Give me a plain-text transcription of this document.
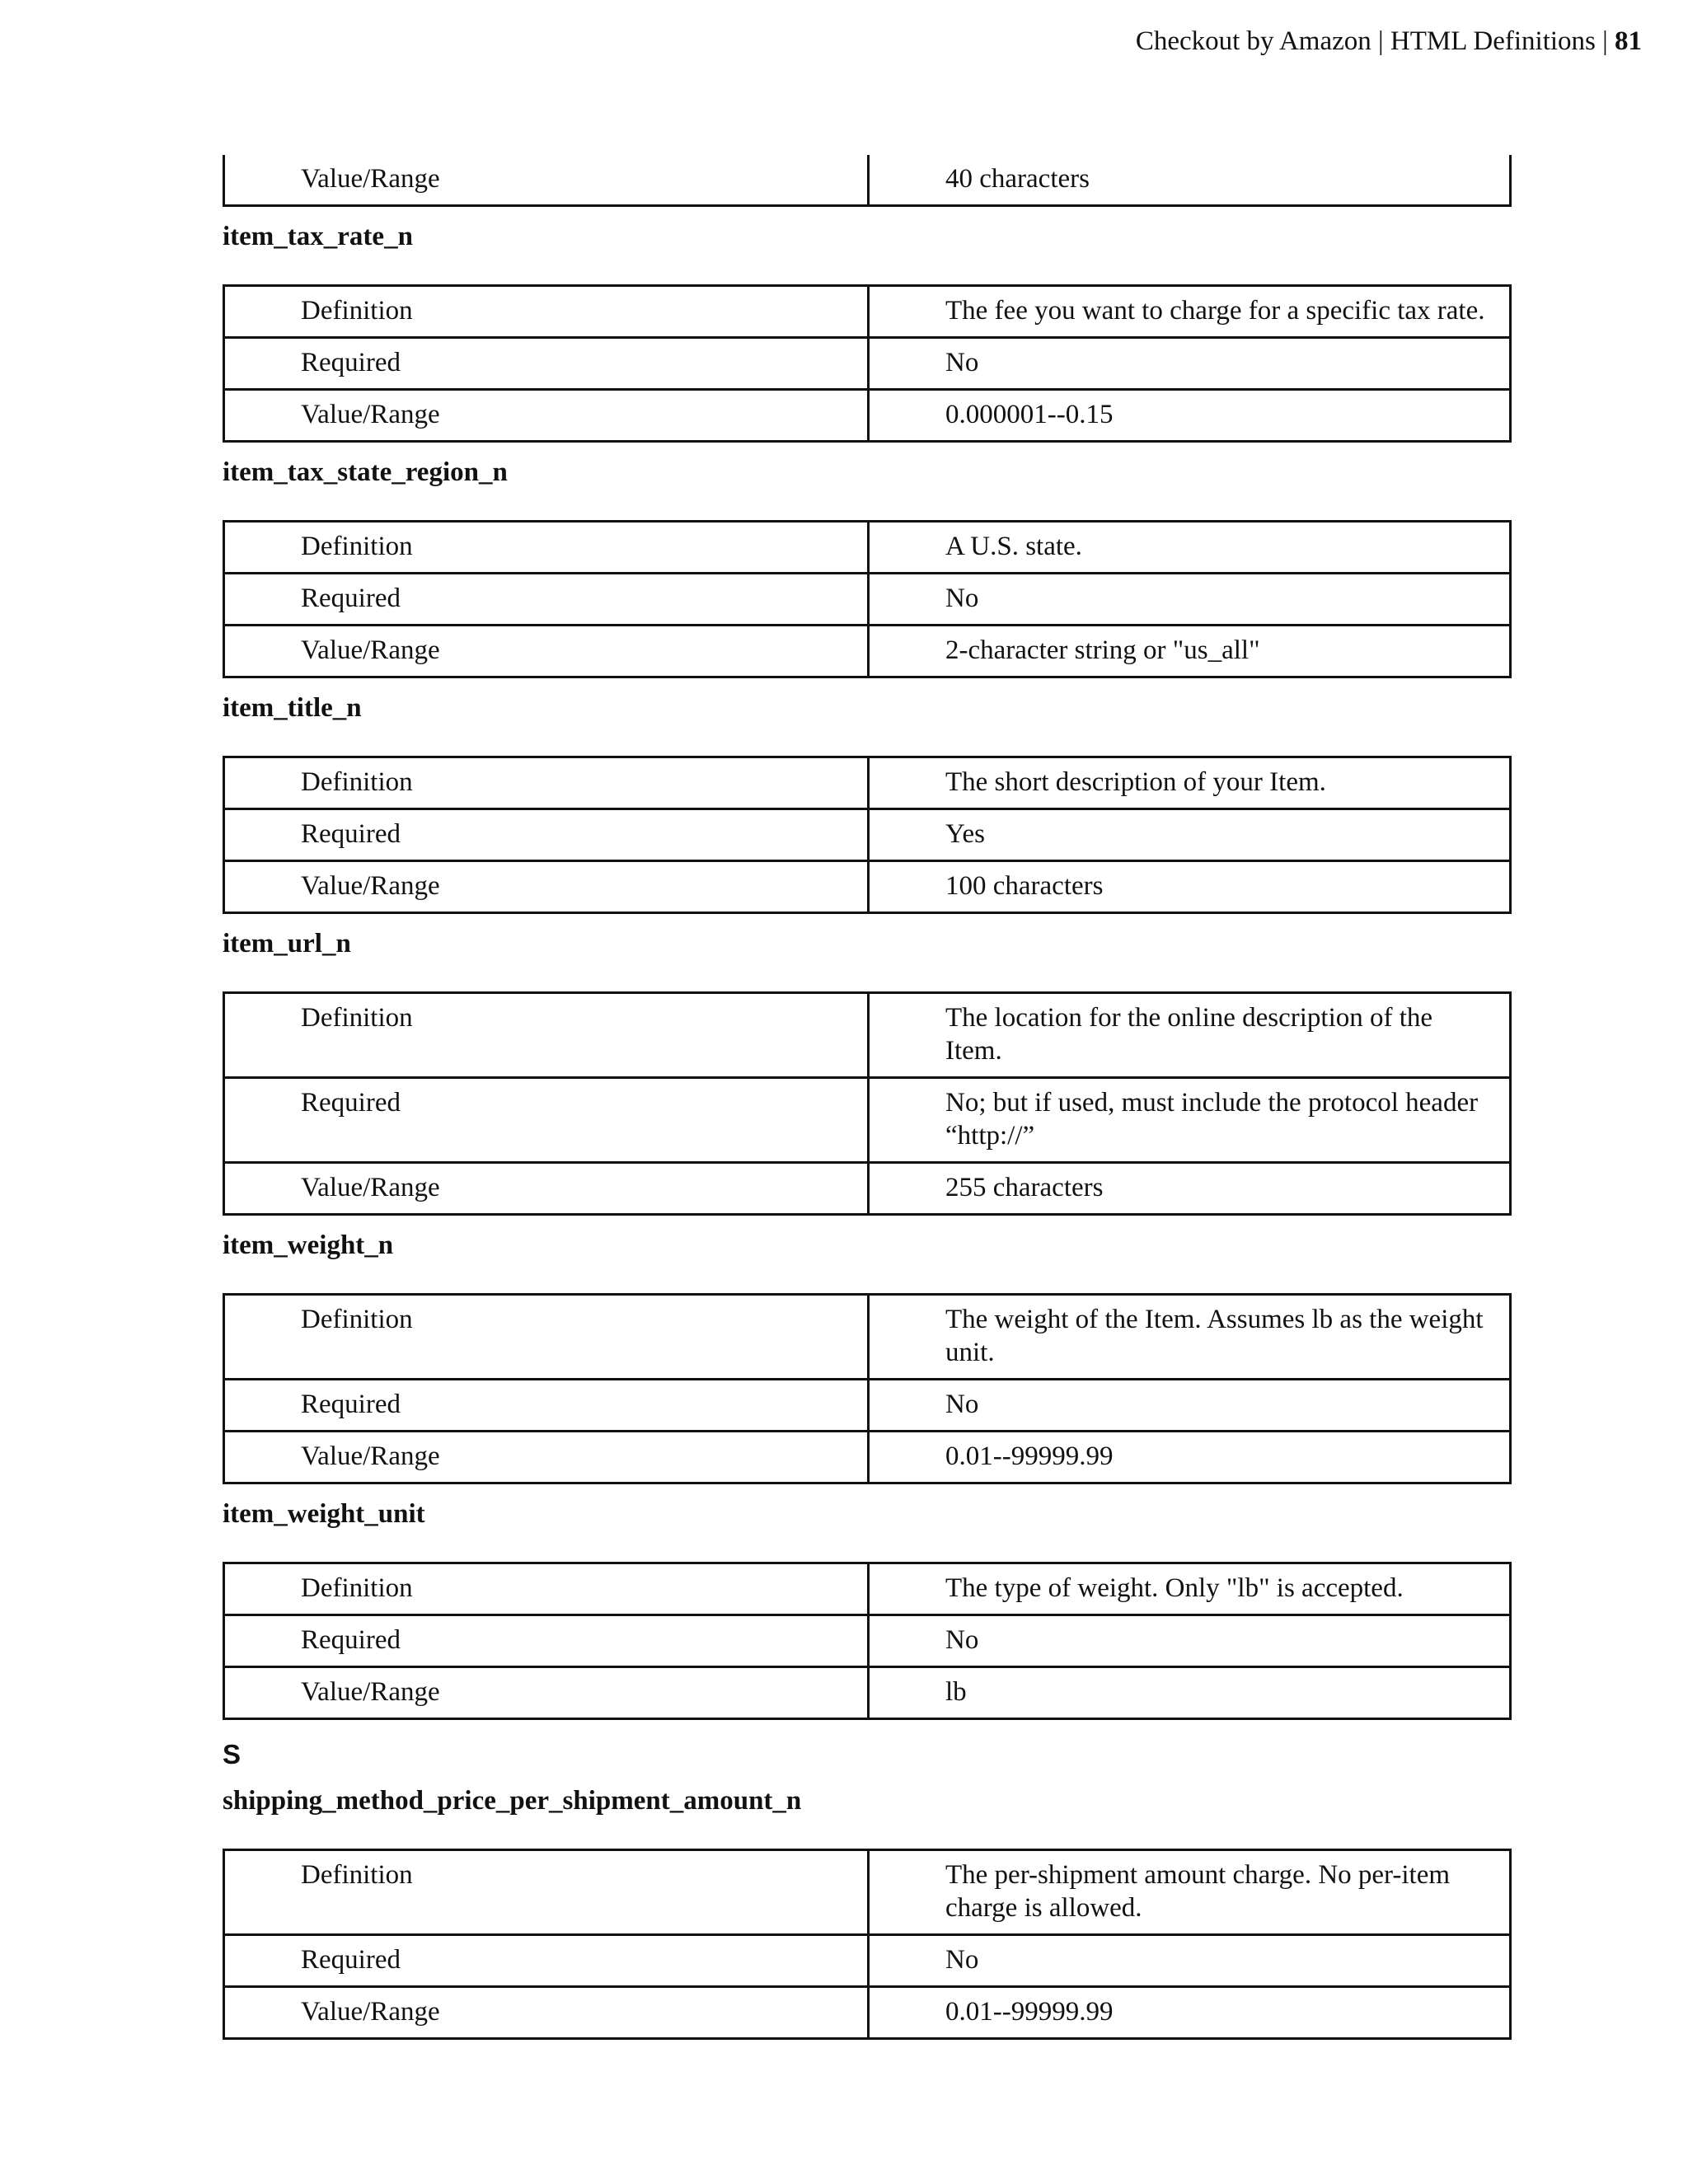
Checkout by Amazon | HTML Definitions | 81
Value/Range	40 characters
item_tax_rate_n
Definition	The fee you want to charge for a specific tax rate.
Required	No
Value/Range	0.000001--0.15
item_tax_state_region_n
Definition	A U.S. state.
Required	No
Value/Range	2-character string or "us_all"
item_title_n
Definition	The short description of your Item.
Required	Yes
Value/Range	100 characters
item_url_n
Definition	The location for the online description of the Item.
Required	No; but if used, must include the protocol header “http://”
Value/Range	255 characters
item_weight_n
Definition	The weight of the Item. Assumes lb as the weight unit.
Required	No
Value/Range	0.01--99999.99
item_weight_unit
Definition	The type of weight. Only "lb" is accepted.
Required	No
Value/Range	lb
S
shipping_method_price_per_shipment_amount_n
Definition	The per-shipment amount charge. No per-item charge is allowed.
Required	No
Value/Range	0.01--99999.99
